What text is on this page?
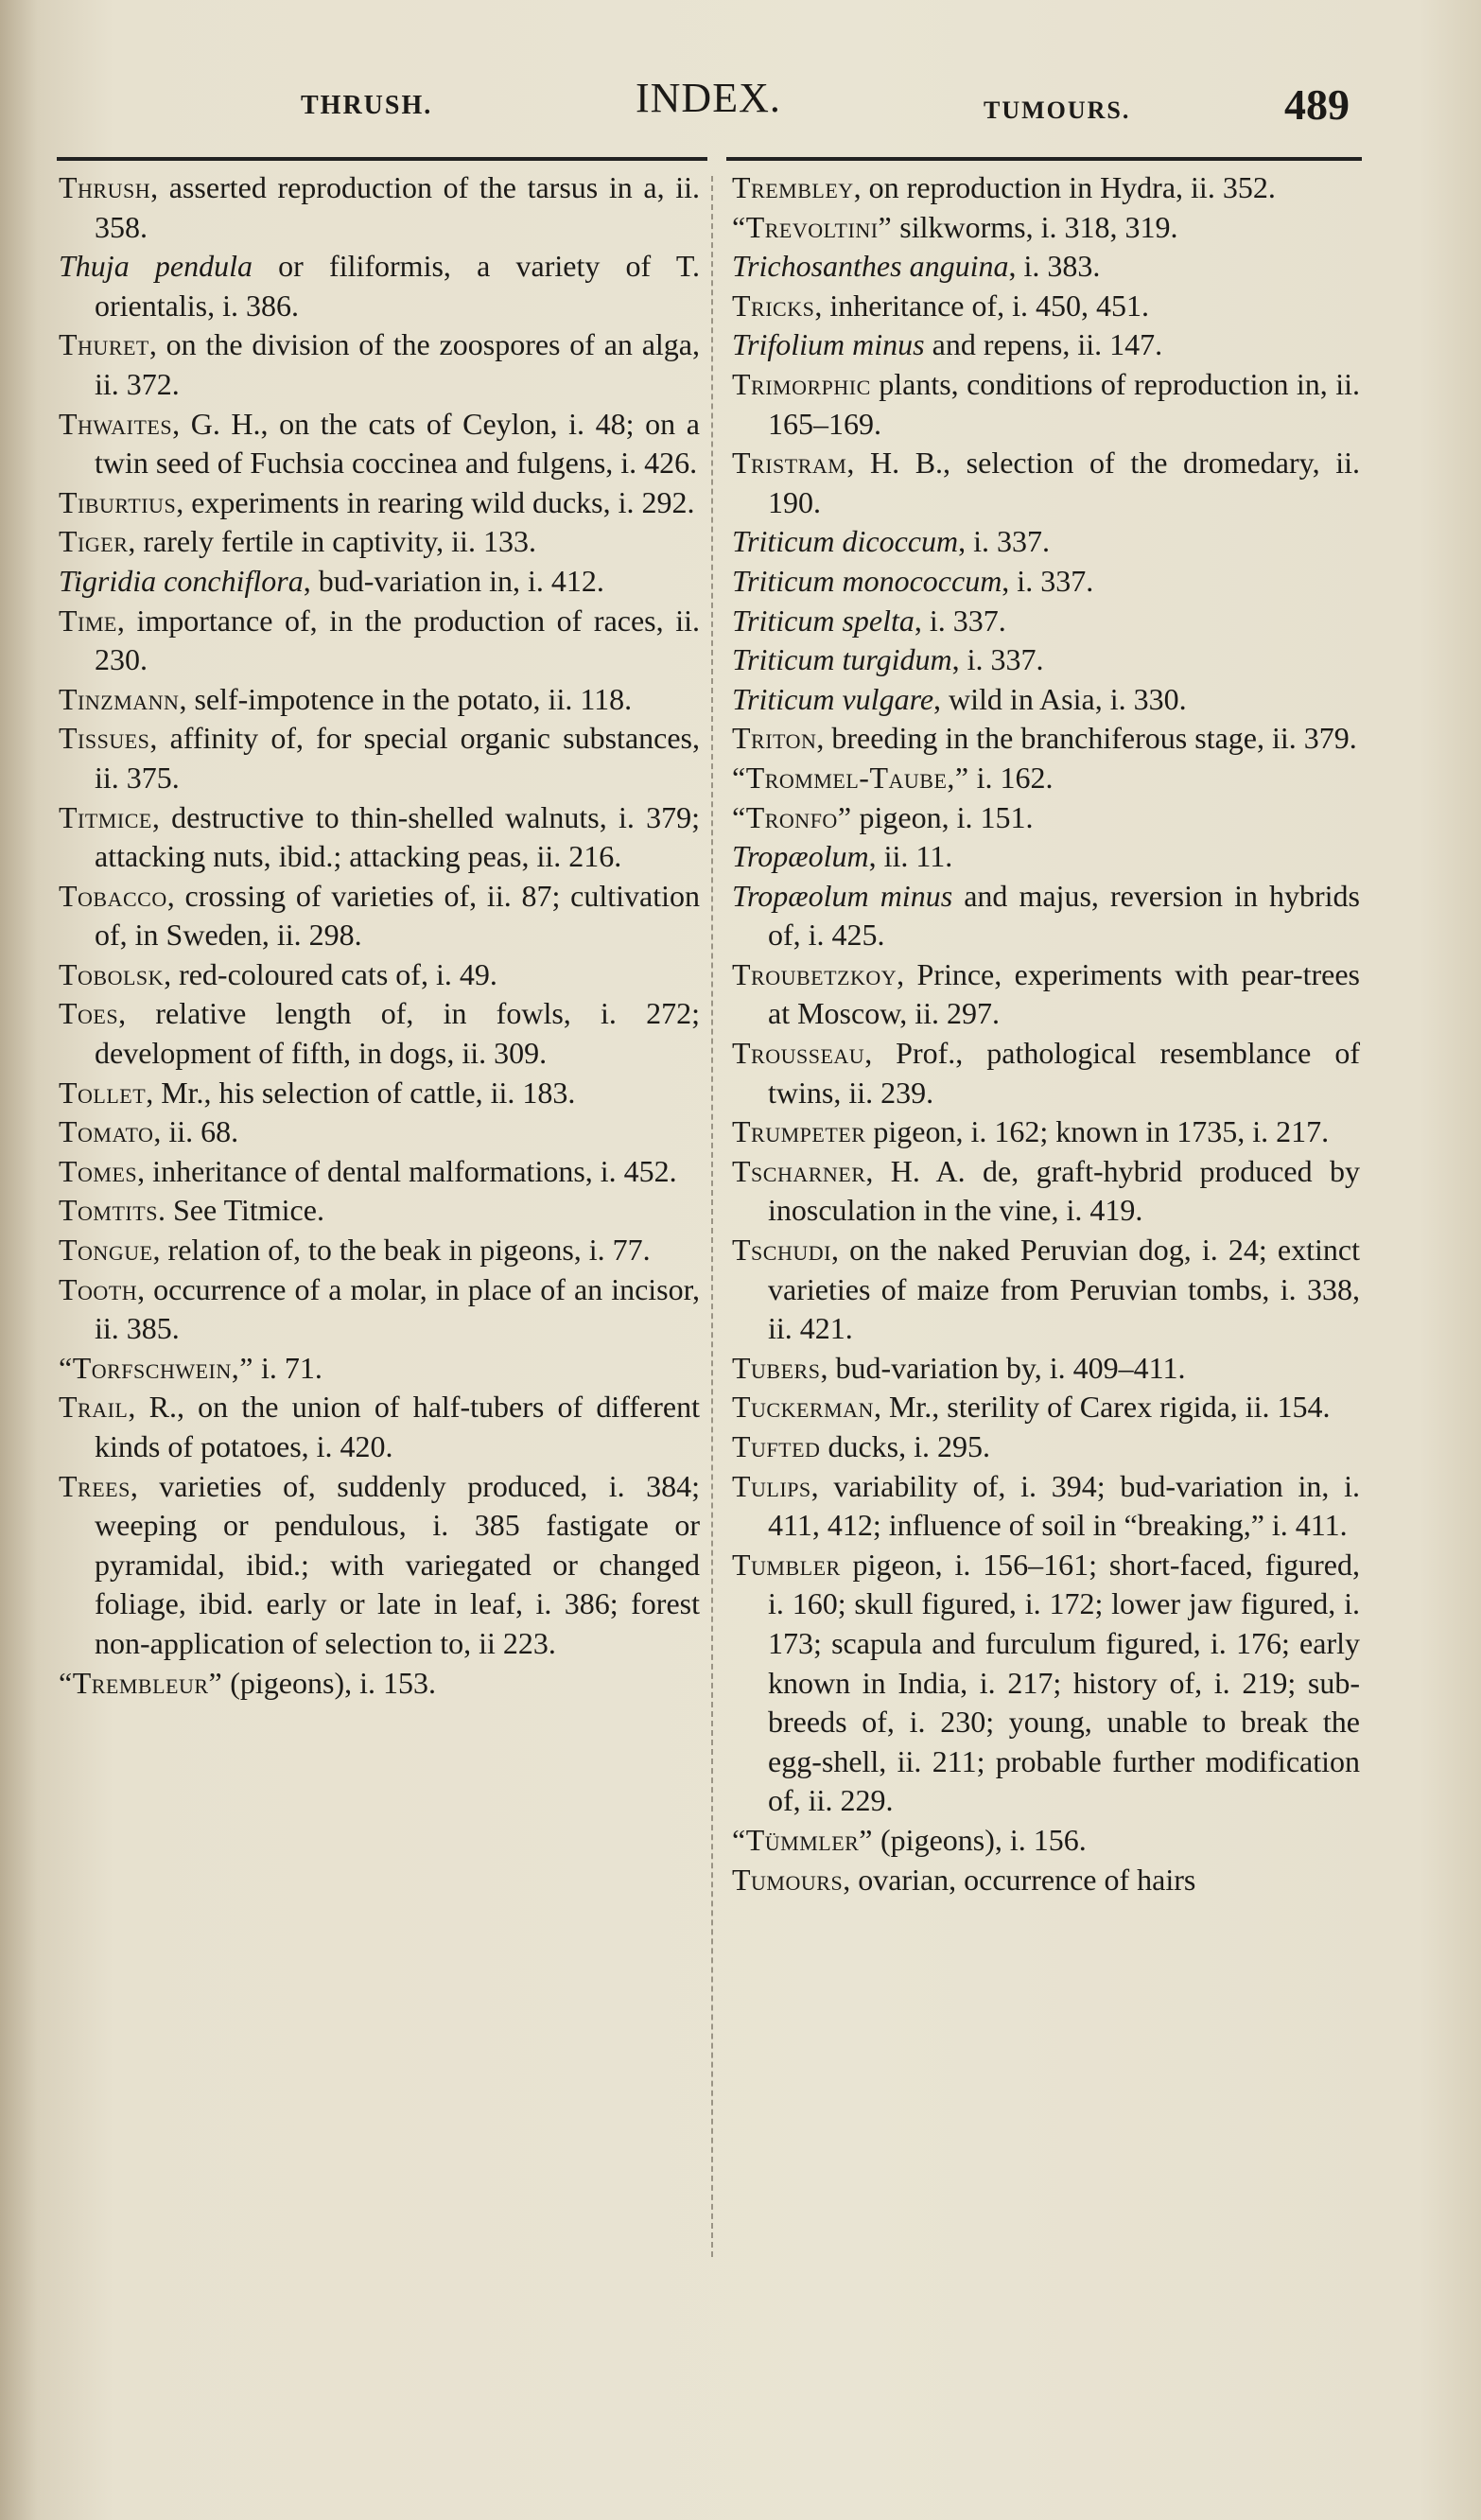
THRUSH.	INDEX.	TUMOURS.	489
Thrush, asserted reproduction of the tarsus in a, ii. 358.
Thuja pendula or filiformis, a variety of T. orientalis, i. 386.
Thuret, on the division of the zoospores of an alga, ii. 372.
Thwaites, G. H., on the cats of Ceylon, i. 48; on a twin seed of Fuchsia coccinea and fulgens, i. 426.
Tiburtius, experiments in rearing wild ducks, i. 292.
Tiger, rarely fertile in captivity, ii. 133.
Tigridia conchiflora, bud-variation in, i. 412.
Time, importance of, in the production of races, ii. 230.
Tinzmann, self-impotence in the potato, ii. 118.
Tissues, affinity of, for special organic substances, ii. 375.
Titmice, destructive to thin-shelled walnuts, i. 379; attacking nuts, ibid.; attacking peas, ii. 216.
Tobacco, crossing of varieties of, ii. 87; cultivation of, in Sweden, ii. 298.
Tobolsk, red-coloured cats of, i. 49.
Toes, relative length of, in fowls, i. 272; development of fifth, in dogs, ii. 309.
Tollet, Mr., his selection of cattle, ii. 183.
Tomato, ii. 68.
Tomes, inheritance of dental malformations, i. 452.
Tomtits. See Titmice.
Tongue, relation of, to the beak in pigeons, i. 77.
Tooth, occurrence of a molar, in place of an incisor, ii. 385.
“Torfschwein,” i. 71.
Trail, R., on the union of half-tubers of different kinds of potatoes, i. 420.
Trees, varieties of, suddenly produced, i. 384; weeping or pendulous, i. 385 fastigate or pyramidal, ibid.; with variegated or changed foliage, ibid. early or late in leaf, i. 386; forest non-application of selection to, ii 223.
“Trembleur” (pigeons), i. 153.
Trembley, on reproduction in Hydra, ii. 352.
“Trevoltini” silkworms, i. 318, 319.
Trichosanthes anguina, i. 383.
Tricks, inheritance of, i. 450, 451.
Trifolium minus and repens, ii. 147.
Trimorphic plants, conditions of reproduction in, ii. 165–169.
Tristram, H. B., selection of the dromedary, ii. 190.
Triticum dicoccum, i. 337.
Triticum monococcum, i. 337.
Triticum spelta, i. 337.
Triticum turgidum, i. 337.
Triticum vulgare, wild in Asia, i. 330.
Triton, breeding in the branchiferous stage, ii. 379.
“Trommel-Taube,” i. 162.
“Tronfo” pigeon, i. 151.
Tropæolum, ii. 11.
Tropæolum minus and majus, reversion in hybrids of, i. 425.
Troubetzkoy, Prince, experiments with pear-trees at Moscow, ii. 297.
Trousseau, Prof., pathological resemblance of twins, ii. 239.
Trumpeter pigeon, i. 162; known in 1735, i. 217.
Tscharner, H. A. de, graft-hybrid produced by inosculation in the vine, i. 419.
Tschudi, on the naked Peruvian dog, i. 24; extinct varieties of maize from Peruvian tombs, i. 338, ii. 421.
Tubers, bud-variation by, i. 409–411.
Tuckerman, Mr., sterility of Carex rigida, ii. 154.
Tufted ducks, i. 295.
Tulips, variability of, i. 394; bud-variation in, i. 411, 412; influence of soil in “breaking,” i. 411.
Tumbler pigeon, i. 156–161; short-faced, figured, i. 160; skull figured, i. 172; lower jaw figured, i. 173; scapula and furculum figured, i. 176; early known in India, i. 217; history of, i. 219; sub-breeds of, i. 230; young, unable to break the egg-shell, ii. 211; probable further modification of, ii. 229.
“Tümmler” (pigeons), i. 156.
Tumours, ovarian, occurrence of hairs
